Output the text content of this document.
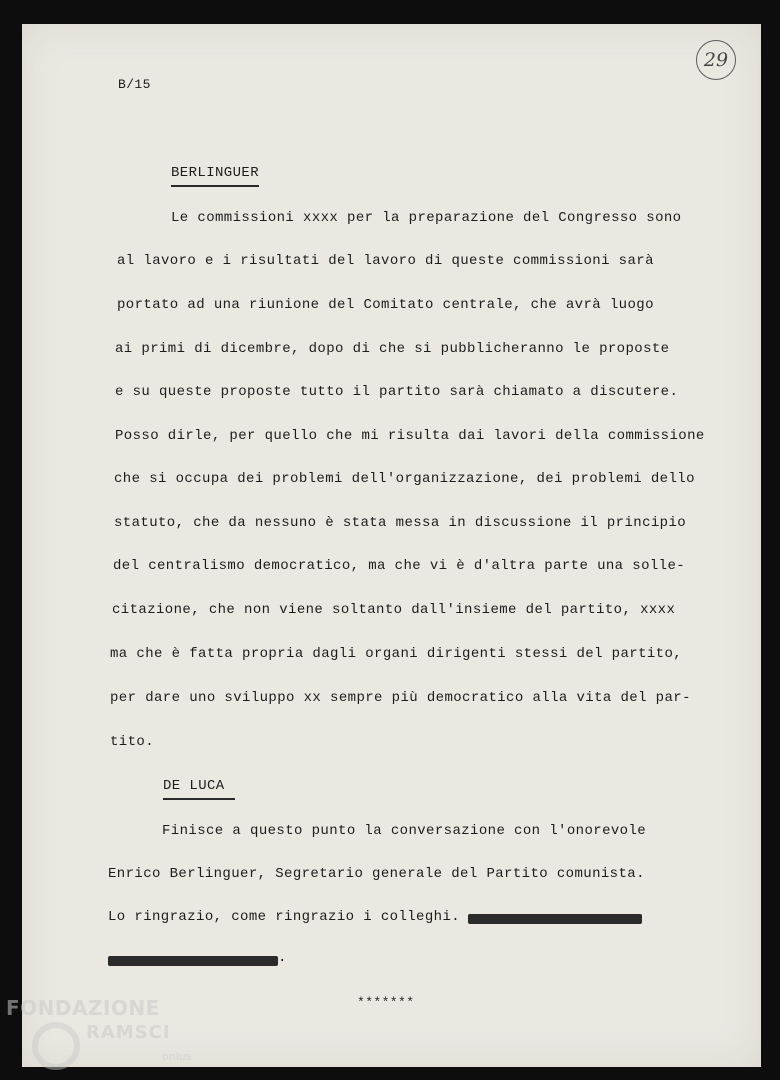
B/15
29
BERLINGUER
Le commissioni xxxx per la preparazione del Congresso sono
al lavoro e i risultati del lavoro di queste commissioni sarà
portato ad una riunione del Comitato centrale, che avrà luogo
ai primi di dicembre, dopo di che si pubblicheranno le proposte
e su queste proposte tutto il partito sarà chiamato a discutere.
Posso dirle, per quello che mi risulta dai lavori della commissione
che si occupa dei problemi dell'organizzazione, dei problemi dello
statuto, che da nessuno è stata messa in discussione il principio
del centralismo democratico, ma che vi è d'altra parte una solle-
citazione, che non viene soltanto dall'insieme del partito, xxxx
ma che è fatta propria dagli organi dirigenti stessi del partito,
per dare uno sviluppo xx sempre più democratico alla vita del par-
tito.
DE LUCA
Finisce a questo punto la conversazione con l'onorevole
Enrico Berlinguer, Segretario generale del Partito comunista.
Lo ringrazio, come ringrazio i colleghi.
.
*******
FONDAZIONE
RAMSCI
onlus
